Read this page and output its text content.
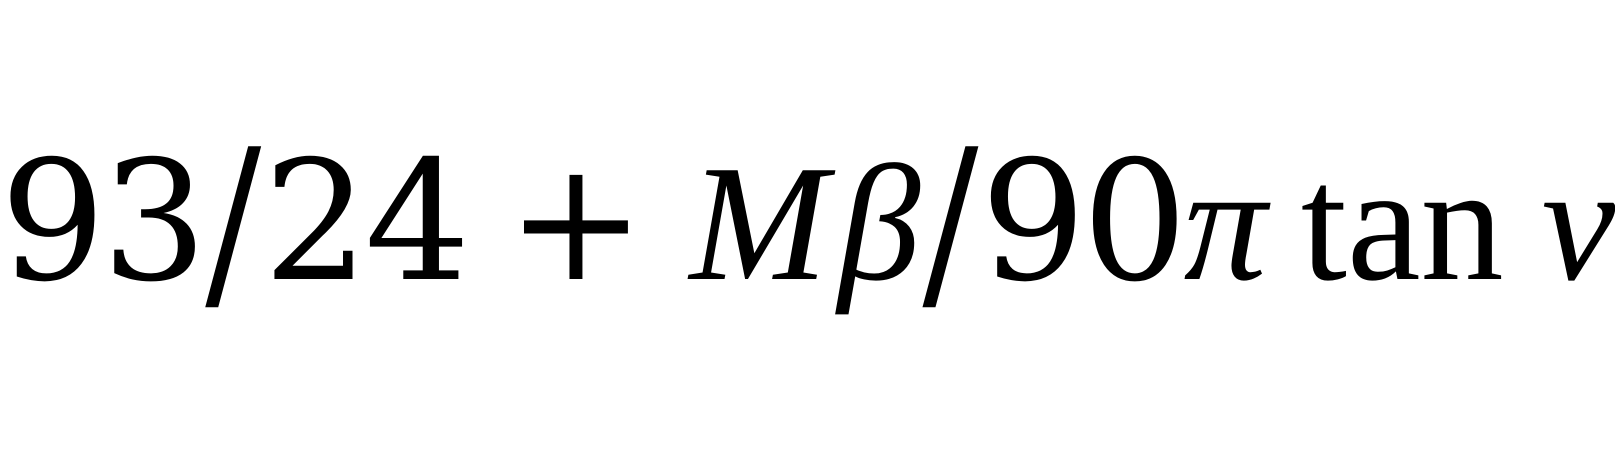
93 / 24 + M β / 90 π tan v
